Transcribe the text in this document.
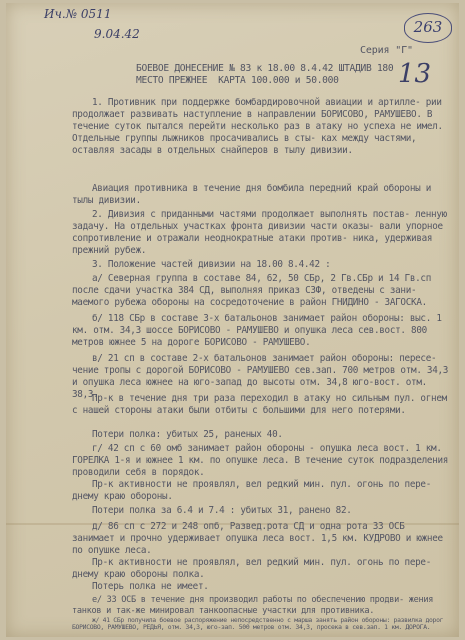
Ич.№ 0511
9.04.42	263
13
Серия "Г"
БОЕВОЕ ДОНЕСЕНИЕ № 83 к 18.00 8.4.42 ШТАДИВ 180
МЕСТО ПРЕЖНЕЕ  КАРТА 100.000 и 50.000
1. Противник при поддержке бомбардировочной авиации и артилле- рии продолжает развивать наступление в направлении БОРИСОВО, РАМУШЕВО. В течение суток пытался перейти несколько раз в атаку но успеха не имел. Отдельные группы лыжников просачивались в сты- ках между частями, оставляя засады в отдельных снайперов в тылу дивизии.
Авиация противника в течение дня бомбила передний край обороны и тылы дивизии.
2. Дивизия с приданными частями продолжает выполнять постав- ленную задачу. На отдельных участках фронта дивизии части оказы- вали упорное сопротивление и отражали неоднократные атаки против- ника, удерживая прежний рубеж.
3. Положение частей дивизии на 18.00 8.4.42 :
а/ Северная группа в составе 84, 62, 50 СБр, 2 Гв.СБр и 14 Гв.сп после сдачи участка 384 СД, выполняя приказ СЗФ, отведены с зани- маемого рубежа обороны на сосредоточение в район ГНИДИНО - ЗАГОСКА.
б/ 118 СБр в составе 3-х батальонов занимает район обороны: выс. 1 км. отм. 34,3 шоссе БОРИСОВО - РАМУШЕВО и опушка леса сев.вост. 800 метров южнее 5 на дороге БОРИСОВО - РАМУШЕВО.
в/ 21 сп в составе 2-х батальонов занимает район обороны: пересе- чение тропы с дорогой БОРИСОВО - РАМУШЕВО сев.зап. 700 метров отм. 34,3 и опушка леса южнее на юго-запад до высоты отм. 34,8 юго-вост. отм. 38,3.
Пр-к в течение дня три раза переходил в атаку но сильным пул. огнем с нашей стороны атаки были отбиты с большими для него потерями.
Потери полка: убитых 25, раненых 40.
г/ 42 сп с 60 омб занимает район обороны - опушка леса вост. 1 км. ГОРЕЛКА 1-я и южнее 1 км. по опушке леса. В течение суток подразделения проводили себя в порядок.
Пр-к активности не проявлял, вел редкий мин. пул. огонь по пере- днему краю обороны.
Потери полка за 6.4 и 7.4 : убитых 31, ранено 82.
д/ 86 сп с 272 и 248 опб, Развед.рота СД и одна рота 33 ОСБ занимает и прочно удерживает опушка леса вост. 1,5 км. КУДРОВО и южнее по опушке леса.
Пр-к активности не проявлял, вел редкий мин. пул. огонь по пере- днему краю обороны полка.
Потерь полка не имеет.
е/ 33 ОСБ в течение дня производил работы по обеспечению продви- жения танков и так-же минировал танкоопасные участки для противника.
ж/ 41 СБр получила боевое распоряжение непосредственно с марша занять район обороны: развилка дорог БОРИСОВО, РАМУШЕВО, РЕДЬЯ, отм. 34,3, юго-зап. 500 метров отм. 34,3, просека в сев.зап. 1 км. ДОРОГА.
